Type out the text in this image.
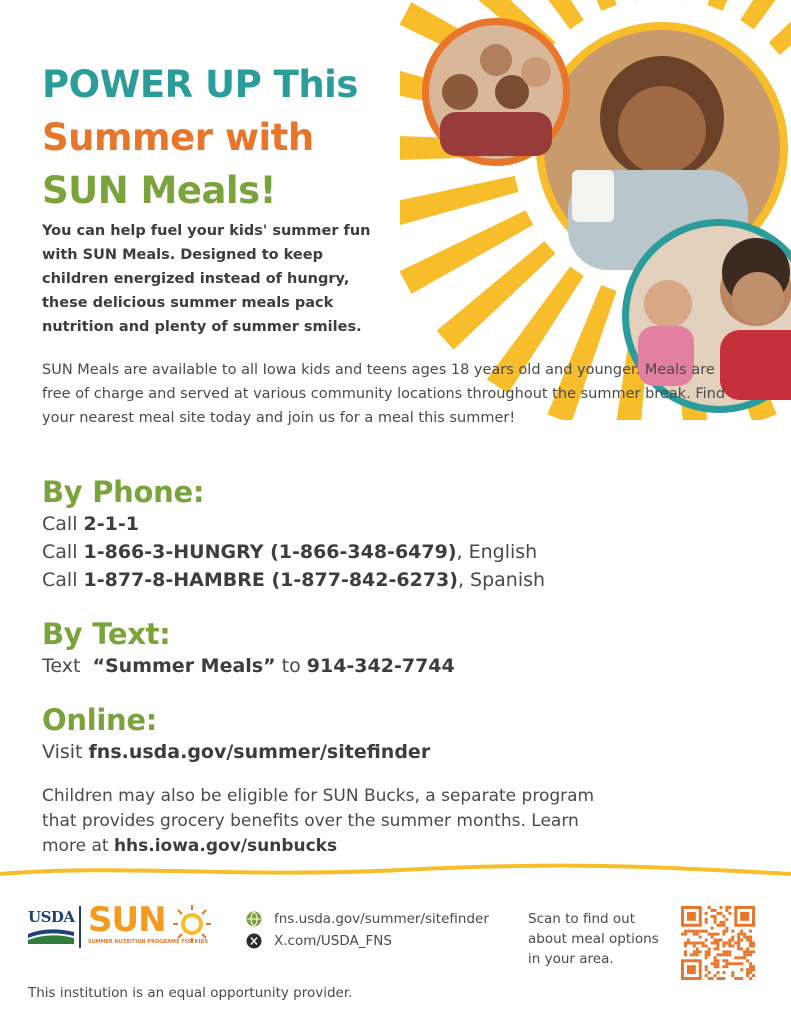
POWER UP This
Summer with
SUN Meals!
You can help fuel your kids' summer fun with SUN Meals. Designed to keep children energized instead of hungry, these delicious summer meals pack nutrition and plenty of summer smiles.
SUN Meals are available to all Iowa kids and teens ages 18 years old and younger. Meals are free of charge and served at various community locations throughout the summer break. Find your nearest meal site today and join us for a meal this summer!
By Phone:
Call 2-1-1
Call 1-866-3-HUNGRY (1-866-348-6479), English
Call 1-877-8-HAMBRE (1-877-842-6273), Spanish
By Text:
Text  “Summer Meals” to 914-342-7744
Online:
Visit fns.usda.gov/summer/sitefinder
Children may also be eligible for SUN Bucks, a separate program that provides grocery benefits over the summer months. Learn more at hhs.iowa.gov/sunbucks
USDA SUN
SUMMER NUTRITION PROGRAMS FOR KIDS
fns.usda.gov/summer/sitefinder
X.com/USDA_FNS
Scan to find out about meal options in your area.
This institution is an equal opportunity provider.
